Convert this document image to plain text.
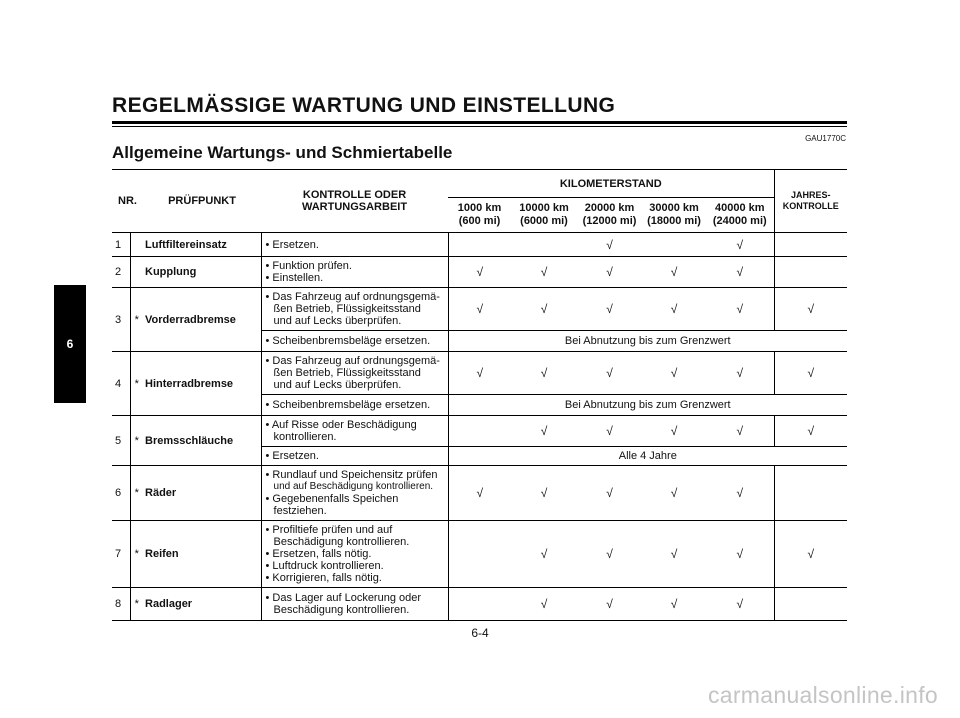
REGELMÄSSIGE WARTUNG UND EINSTELLUNG
GAU1770C
Allgemeine Wartungs- und Schmiertabelle
6
NR.		PRÜFPUNKT	KONTROLLE ODER
WARTUNGSARBEIT	KILOMETERSTAND					JAHRES-
KONTROLLE
				1000 km
(600 mi)	10000 km
(6000 mi)	20000 km
(12000 mi)	30000 km
(18000 mi)	40000 km
(24000 mi)	
1		Luftfiltereinsatz	• Ersetzen.			√		√	
2		Kupplung	• Funktion prüfen.
• Einstellen.	√	√	√	√	√	
3	*	Vorderradbremse	• Das Fahrzeug auf ordnungsgemä-
ßen Betrieb, Flüssigkeitsstand
und auf Lecks überprüfen.	√	√	√	√	√	√

			• Scheibenbremsbeläge ersetzen.	Bei Abnutzung bis zum Grenzwert					
4	*	Hinterradbremse	• Das Fahrzeug auf ordnungsgemä-
ßen Betrieb, Flüssigkeitsstand
und auf Lecks überprüfen.	√	√	√	√	√	√

			• Scheibenbremsbeläge ersetzen.	Bei Abnutzung bis zum Grenzwert					
5	*	Bremsschläuche	• Auf Risse oder Beschädigung
kontrollieren.		√	√	√	√	√

			• Ersetzen.	Alle 4 Jahre					
6	*	Räder	• Rundlauf und Speichensitz prüfen
und auf Beschädigung kontrollieren.
• Gegebenenfalls Speichen
festziehen.	√	√	√	√	√	
7	*	Reifen	• Profiltiefe prüfen und auf
Beschädigung kontrollieren.
• Ersetzen, falls nötig.
• Luftdruck kontrollieren.
• Korrigieren, falls nötig.		√	√	√	√	√
8	*	Radlager	• Das Lager auf Lockerung oder
Beschädigung kontrollieren.		√	√	√	√	
6-4
carmanualsonline.info
